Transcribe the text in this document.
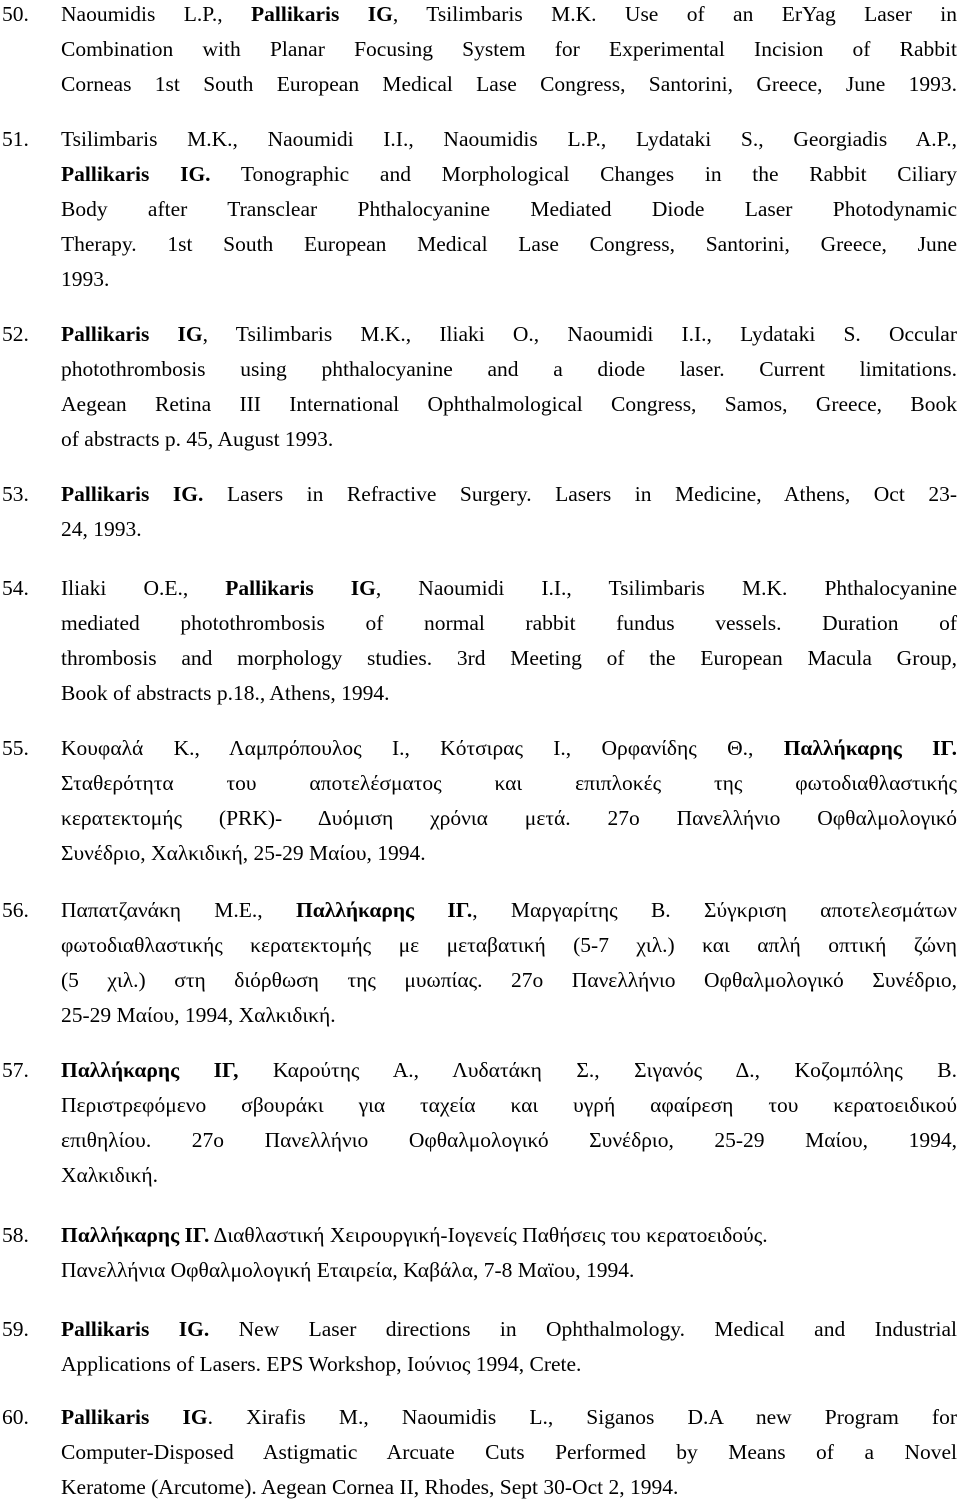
50. Naoumidis L.P., Pallikaris IG, Tsilimbaris M.K. Use of an ErYag Laser in
Combination with Planar Focusing System for Experimental Incision of Rabbit
Corneas 1st South European Medical Lase Congress, Santorini, Greece, June 1993.
51. Tsilimbaris M.K., Naoumidi I.I., Naoumidis L.P., Lydataki S., Georgiadis A.P.,
Pallikaris IG. Tonographic and Morphological Changes in the Rabbit Ciliary
Body after Transclear Phthalocyanine Mediated Diode Laser Photodynamic
Therapy. 1st South European Medical Lase Congress, Santorini, Greece, June
1993.
52. Pallikaris IG, Tsilimbaris M.K., Iliaki O., Naoumidi I.I., Lydataki S. Occular
photothrombosis using phthalocyanine and a diode laser. Current limitations.
Aegean Retina III International Ophthalmological Congress, Samos, Greece, Book
of abstracts p. 45, August 1993.
53. Pallikaris IG. Lasers in Refractive Surgery. Lasers in Medicine, Athens, Oct 23-
24, 1993.
54. Iliaki O.E., Pallikaris IG, Naoumidi I.I., Tsilimbaris M.K. Phthalocyanine
mediated photothrombosis of normal rabbit fundus vessels. Duration of
thrombosis and morphology studies. 3rd Meeting of the European Macula Group,
Book of abstracts p.18., Athens, 1994.
55. Κουφαλά Κ., Λαμπρόπουλος Ι., Κότσιρας Ι., Ορφανίδης Θ., Παλλήκαρης ΙΓ.
Σταθερότητα του αποτελέσματος και επιπλοκές της φωτοδιαθλαστικής
κερατεκτομής (PRK)- Δυόμιση χρόνια μετά. 27ο Πανελλήνιο Οφθαλμολογικό
Συνέδριο, Χαλκιδική, 25-29 Μαίου, 1994.
56. Παπατζανάκη Μ.Ε., Παλλήκαρης ΙΓ., Μαργαρίτης Β. Σύγκριση αποτελεσμάτων
φωτοδιαθλαστικής κερατεκτομής με μεταβατική (5-7 χιλ.) και απλή οπτική ζώνη
(5 χιλ.) στη διόρθωση της μυωπίας. 27ο Πανελλήνιο Οφθαλμολογικό Συνέδριο,
25-29 Μαίου, 1994, Χαλκιδική.
57. Παλλήκαρης ΙΓ, Καρούτης Α., Λυδατάκη Σ., Σιγανός Δ., Κοζομπόλης Β.
Περιστρεφόμενο σβουράκι για ταχεία και υγρή αφαίρεση του κερατοειδικού
επιθηλίου. 27ο Πανελλήνιο Οφθαλμολογικό Συνέδριο, 25-29 Μαίου, 1994,
Χαλκιδική.
58. Παλλήκαρης ΙΓ. Διαθλαστική Χειρουργική-Ιογενείς Παθήσεις του κερατοειδούς.
Πανελλήνια Οφθαλμολογική Εταιρεία, Καβάλα, 7-8 Μαϊου, 1994.
59. Pallikaris IG. New Laser directions in Ophthalmology. Medical and Industrial
Applications of Lasers. EPS Workshop, Ιούνιος 1994, Crete.
60. Pallikaris IG. Xirafis M., Naoumidis L., Siganos D.A new Program for
Computer-Disposed Astigmatic Arcuate Cuts Performed by Means of a Novel
Keratome (Arcutome). Aegean Cornea II, Rhodes, Sept 30-Oct 2, 1994.
